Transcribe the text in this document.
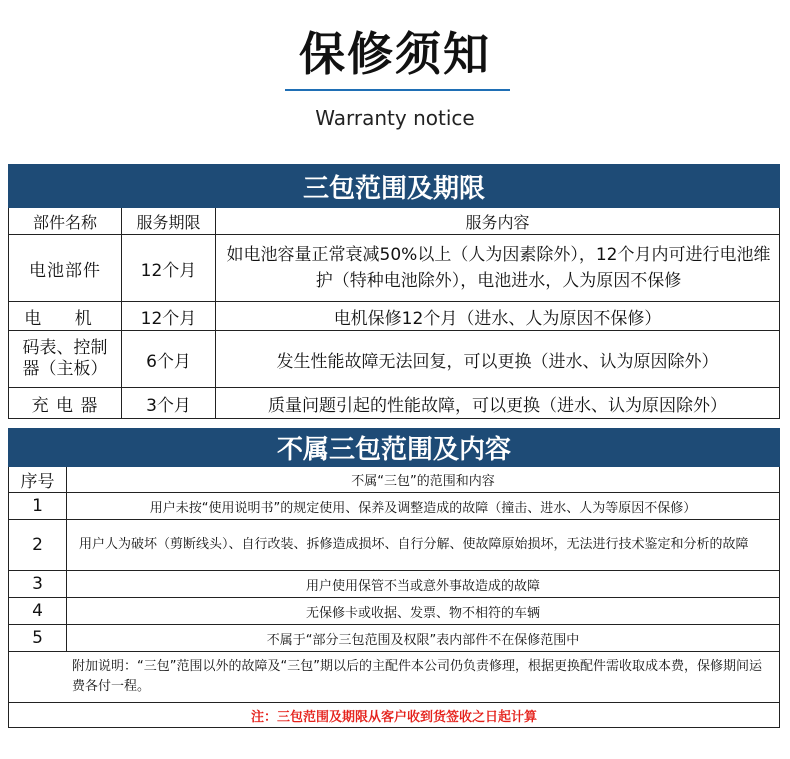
保修须知
Warranty notice
三包范围及期限		
部件名称	服务期限	服务内容
电池部件	12个月	如电池容量正常衰减50%以上（人为因素除外），12个月内可进行电池维护（特种电池除外），电池进水，人为原因不保修
电 机	12个月	电机保修12个月（进水、人为原因不保修）
码表、控制器（主板）	6个月	发生性能故障无法回复，可以更换（进水、认为原因除外）
充 电 器	3个月	质量问题引起的性能故障，可以更换（进水、认为原因除外）
不属三包范围及内容	
序号	不属“三包”的范围和内容
1	用户未按“使用说明书”的规定使用、保养及调整造成的故障（撞击、进水、人为等原因不保修）
2	用户人为破坏（剪断线头）、自行改装、拆修造成损坏、自行分解、使故障原始损坏，无法进行技术鉴定和分析的故障
3	用户使用保管不当或意外事故造成的故障
4	无保修卡或收据、发票、物不相符的车辆
5	不属于“部分三包范围及权限”表内部件不在保修范围中
附加说明：“三包”范围以外的故障及“三包”期以后的主配件本公司仍负责修理，根据更换配件需收取成本费，保修期间运费各付一程。	
注：三包范围及期限从客户收到货签收之日起计算	
